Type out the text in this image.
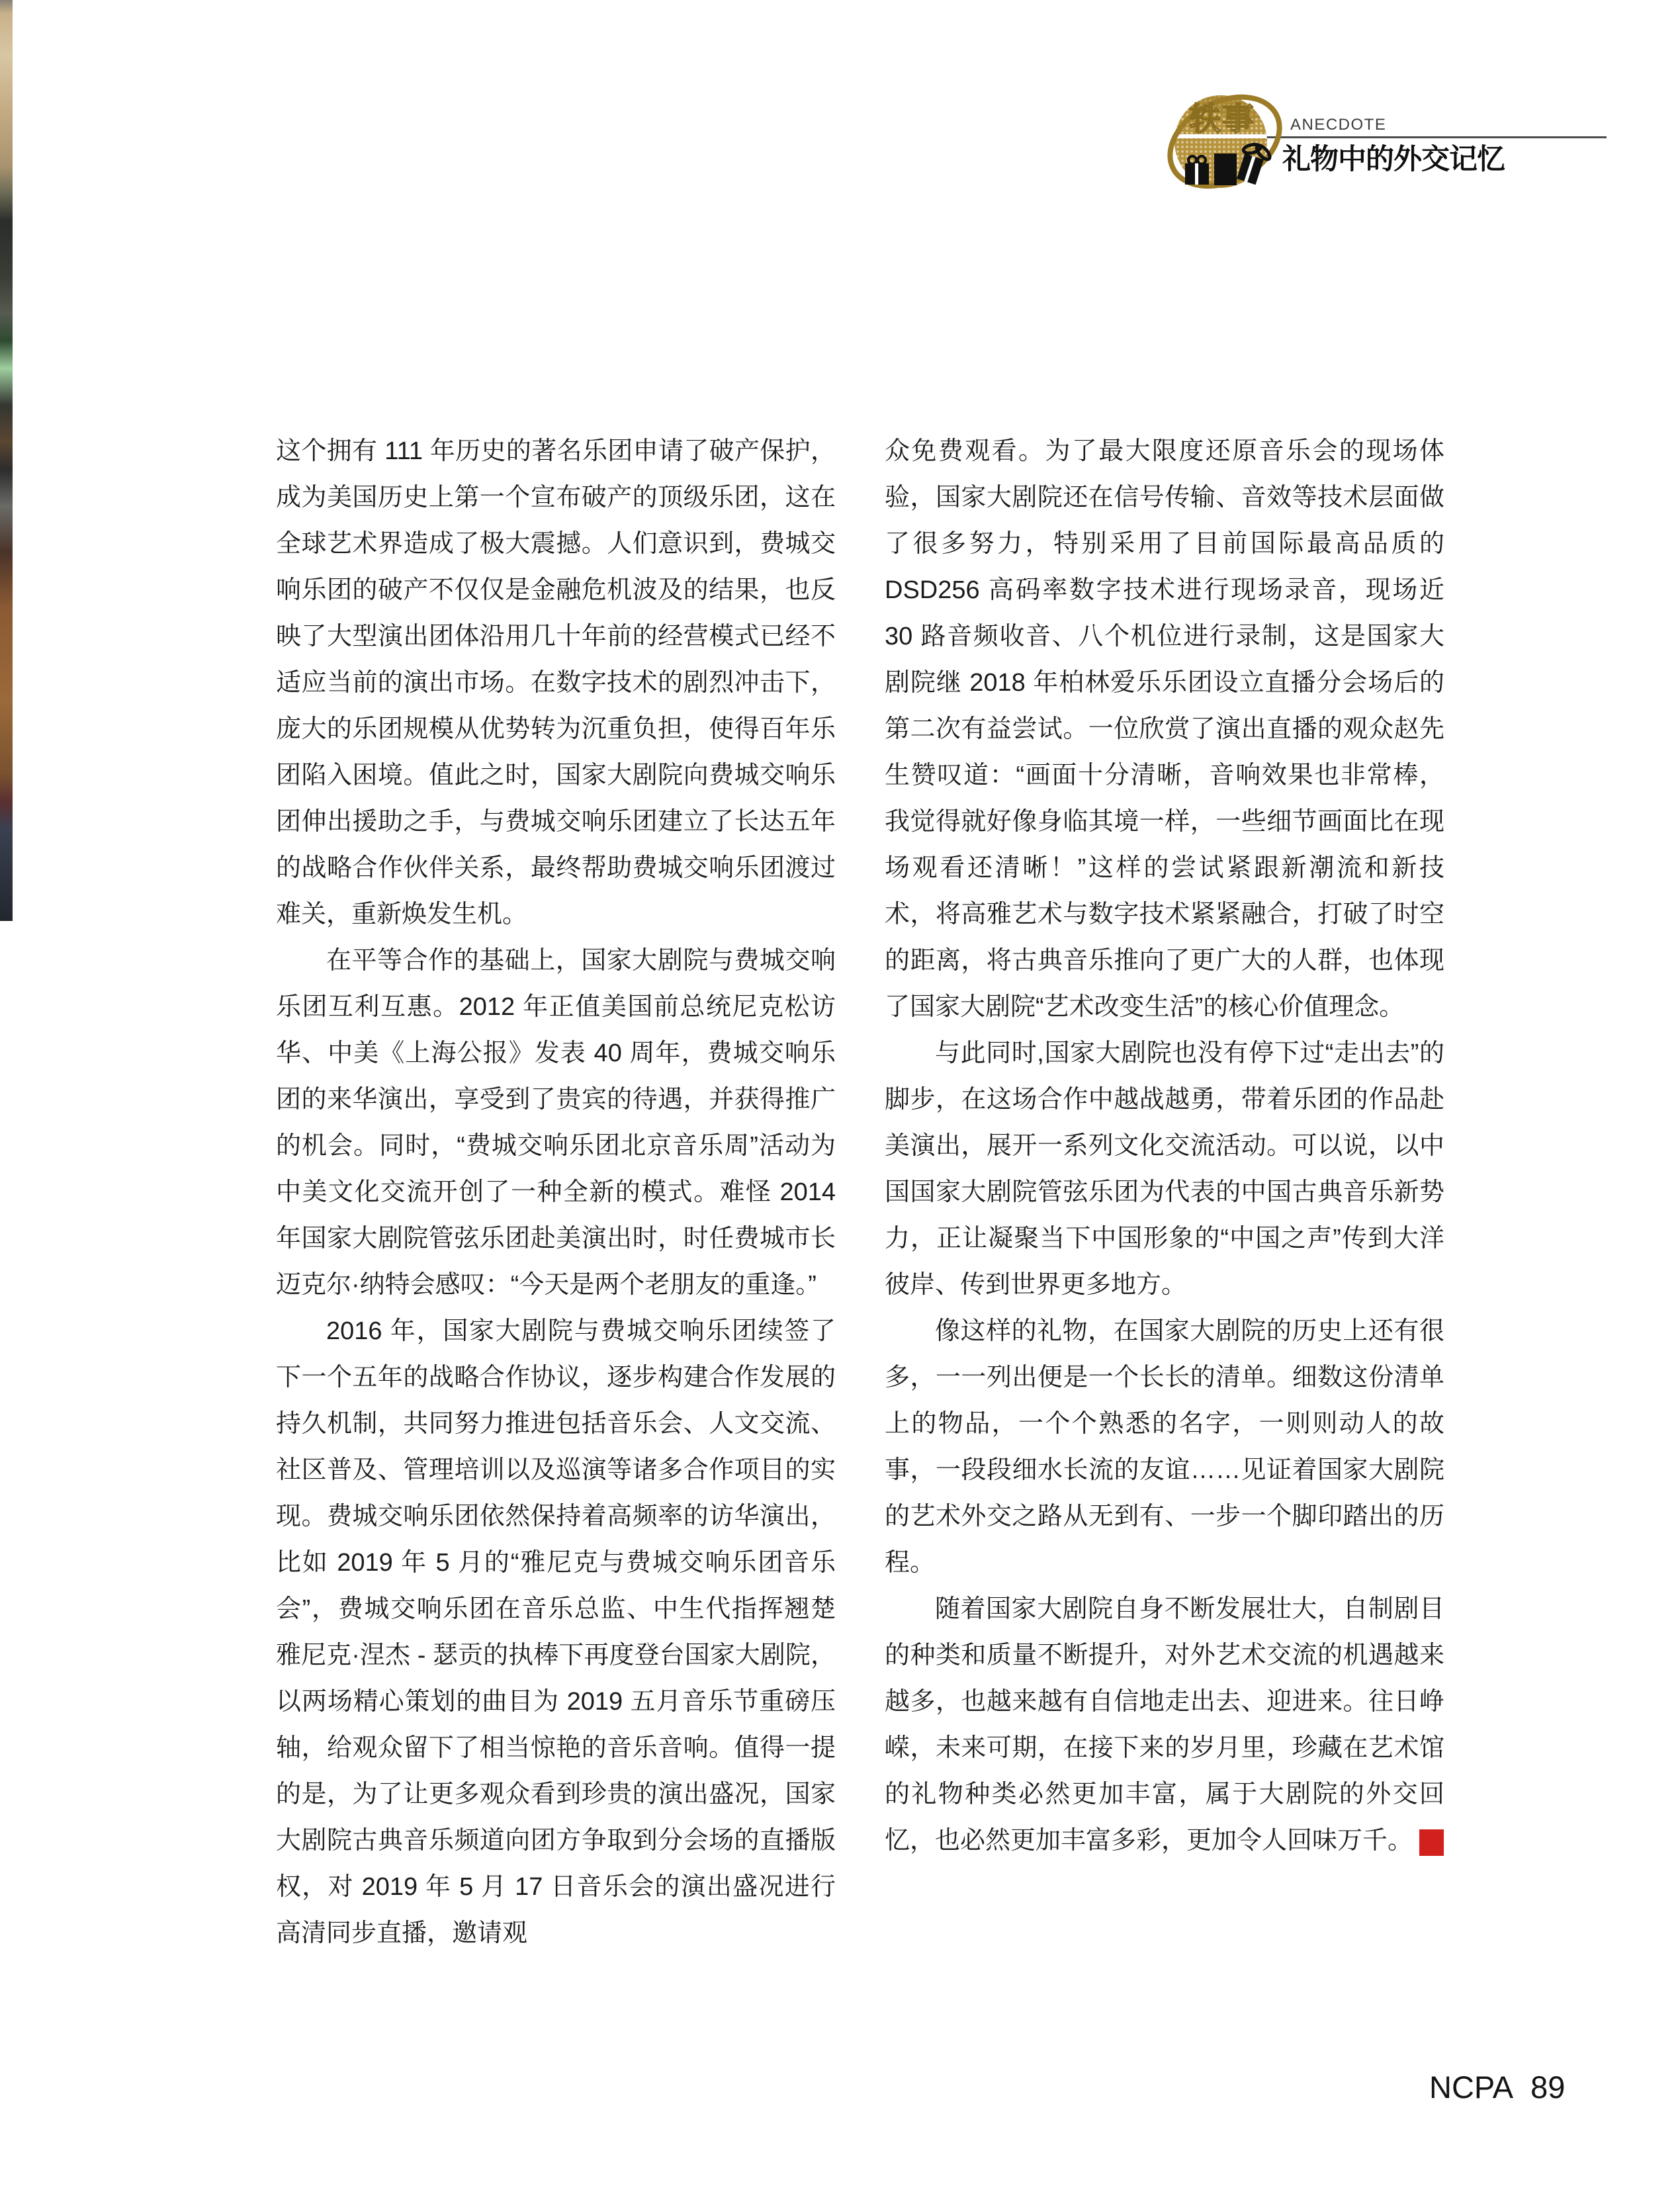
轶事 ANECDOTE
礼物中的外交记忆

这个拥有 111 年历史的著名乐团申请了破产保护，成为美国历史上第一个宣布破产的顶级乐团，这在全球艺术界造成了极大震撼。人们意识到，费城交响乐团的破产不仅仅是金融危机波及的结果，也反映了大型演出团体沿用几十年前的经营模式已经不适应当前的演出市场。在数字技术的剧烈冲击下，庞大的乐团规模从优势转为沉重负担，使得百年乐团陷入困境。值此之时，国家大剧院向费城交响乐团伸出援助之手，与费城交响乐团建立了长达五年的战略合作伙伴关系，最终帮助费城交响乐团渡过难关，重新焕发生机。

在平等合作的基础上，国家大剧院与费城交响乐团互利互惠。2012 年正值美国前总统尼克松访华、中美《上海公报》发表 40 周年，费城交响乐团的来华演出，享受到了贵宾的待遇，并获得推广的机会。同时，“费城交响乐团北京音乐周”活动为中美文化交流开创了一种全新的模式。难怪 2014 年国家大剧院管弦乐团赴美演出时，时任费城市长迈克尔·纳特会感叹：“今天是两个老朋友的重逢。”

2016 年，国家大剧院与费城交响乐团续签了下一个五年的战略合作协议，逐步构建合作发展的持久机制，共同努力推进包括音乐会、人文交流、社区普及、管理培训以及巡演等诸多合作项目的实现。费城交响乐团依然保持着高频率的访华演出，比如 2019 年 5 月的“雅尼克与费城交响乐团音乐会”，费城交响乐团在音乐总监、中生代指挥翘楚雅尼克·涅杰 - 瑟贡的执棒下再度登台国家大剧院，以两场精心策划的曲目为 2019 五月音乐节重磅压轴，给观众留下了相当惊艳的音乐音响。值得一提的是，为了让更多观众看到珍贵的演出盛况，国家大剧院古典音乐频道向团方争取到分会场的直播版权，对 2019 年 5 月 17 日音乐会的演出盛况进行高清同步直播，邀请观

众免费观看。为了最大限度还原音乐会的现场体验，国家大剧院还在信号传输、音效等技术层面做了很多努力，特别采用了目前国际最高品质的 DSD256 高码率数字技术进行现场录音，现场近 30 路音频收音、八个机位进行录制，这是国家大剧院继 2018 年柏林爱乐乐团设立直播分会场后的第二次有益尝试。一位欣赏了演出直播的观众赵先生赞叹道：“画面十分清晰，音响效果也非常棒，我觉得就好像身临其境一样，一些细节画面比在现场观看还清晰！”这样的尝试紧跟新潮流和新技术，将高雅艺术与数字技术紧紧融合，打破了时空的距离，将古典音乐推向了更广大的人群，也体现了国家大剧院“艺术改变生活”的核心价值理念。

与此同时,国家大剧院也没有停下过“走出去”的脚步，在这场合作中越战越勇，带着乐团的作品赴美演出，展开一系列文化交流活动。可以说，以中国国家大剧院管弦乐团为代表的中国古典音乐新势力，正让凝聚当下中国形象的“中国之声”传到大洋彼岸、传到世界更多地方。

像这样的礼物，在国家大剧院的历史上还有很多，一一列出便是一个长长的清单。细数这份清单上的物品，一个个熟悉的名字，一则则动人的故事，一段段细水长流的友谊……见证着国家大剧院的艺术外交之路从无到有、一步一个脚印踏出的历程。

随着国家大剧院自身不断发展壮大，自制剧目的种类和质量不断提升，对外艺术交流的机遇越来越多，也越来越有自信地走出去、迎进来。往日峥嵘，未来可期，在接下来的岁月里，珍藏在艺术馆的礼物种类必然更加丰富，属于大剧院的外交回忆，也必然更加丰富多彩，更加令人回味万千。	NC
PA

NCPA 89
